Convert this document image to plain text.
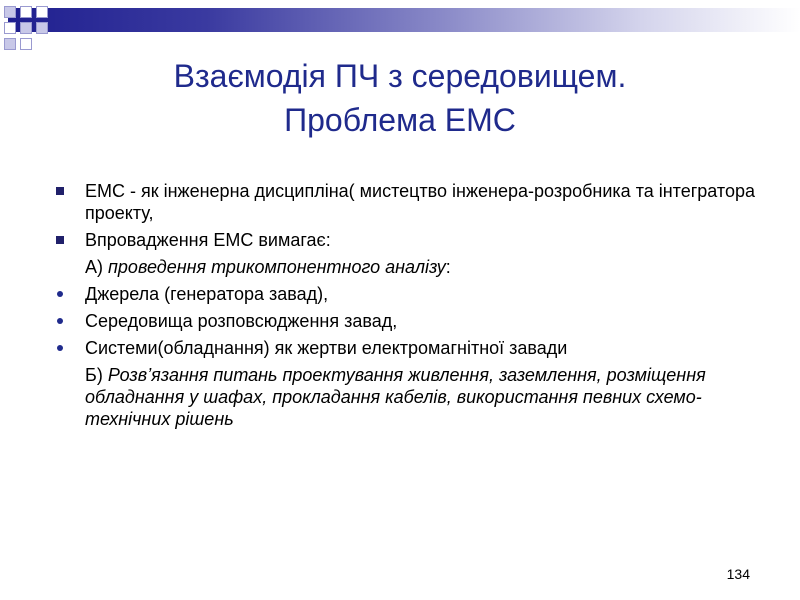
Взаємодія ПЧ з середовищем.
Проблема ЕМС
ЕМС - як інженерна дисципліна( мистецтво інженера-розробника та інтегратора проекту,
Впровадження ЕМС вимагає:
А) проведення трикомпонентного аналізу:
Джерела (генератора завад),
Середовища розповсюдження завад,
Системи(обладнання) як жертви електромагнітної завади
Б) Розв’язання питань проектування живлення, заземлення, розміщення обладнання у шафах, прокладання кабелів, використання певних схемо-технічних рішень
134
